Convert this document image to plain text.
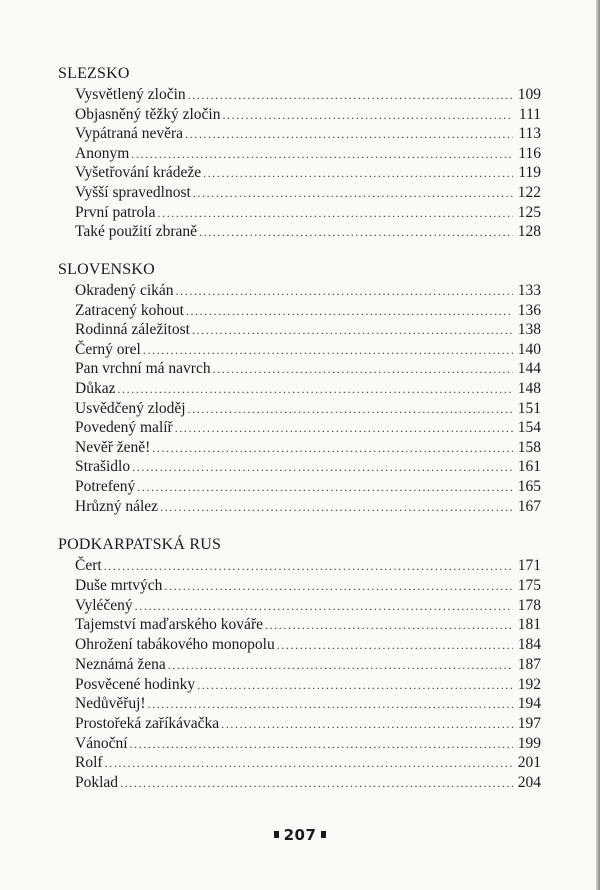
SLEZSKO
Vysvětlený zločin .....	109
Objasněný těžký zločin .....	111
Vypátraná nevěra .....	113
Anonym .....	116
Vyšetřování krádeže .....	119
Vyšší spravedlnost .....	122
První patrola .....	125
Také použití zbraně .....	128
SLOVENSKO
Okradený cikán .....	133
Zatracený kohout .....	136
Rodinná záležitost .....	138
Černý orel .....	140
Pan vrchní má navrch .....	144
Důkaz .....	148
Usvědčený zloděj .....	151
Povedený malíř .....	154
Nevěř ženě! .....	158
Strašidlo .....	161
Potrefený .....	165
Hrůzný nález .....	167
PODKARPATSKÁ RUS
Čert .....	171
Duše mrtvých .....	175
Vyléčený .....	178
Tajemství maďarského kováře .....	181
Ohrožení tabákového monopolu .....	184
Neznámá žena .....	187
Posvěcené hodinky .....	192
Nedůvěřuj! .....	194
Prostořeká zaříkávačka .....	197
Vánoční .....	199
Rolf .....	201
Poklad .....	204
207
